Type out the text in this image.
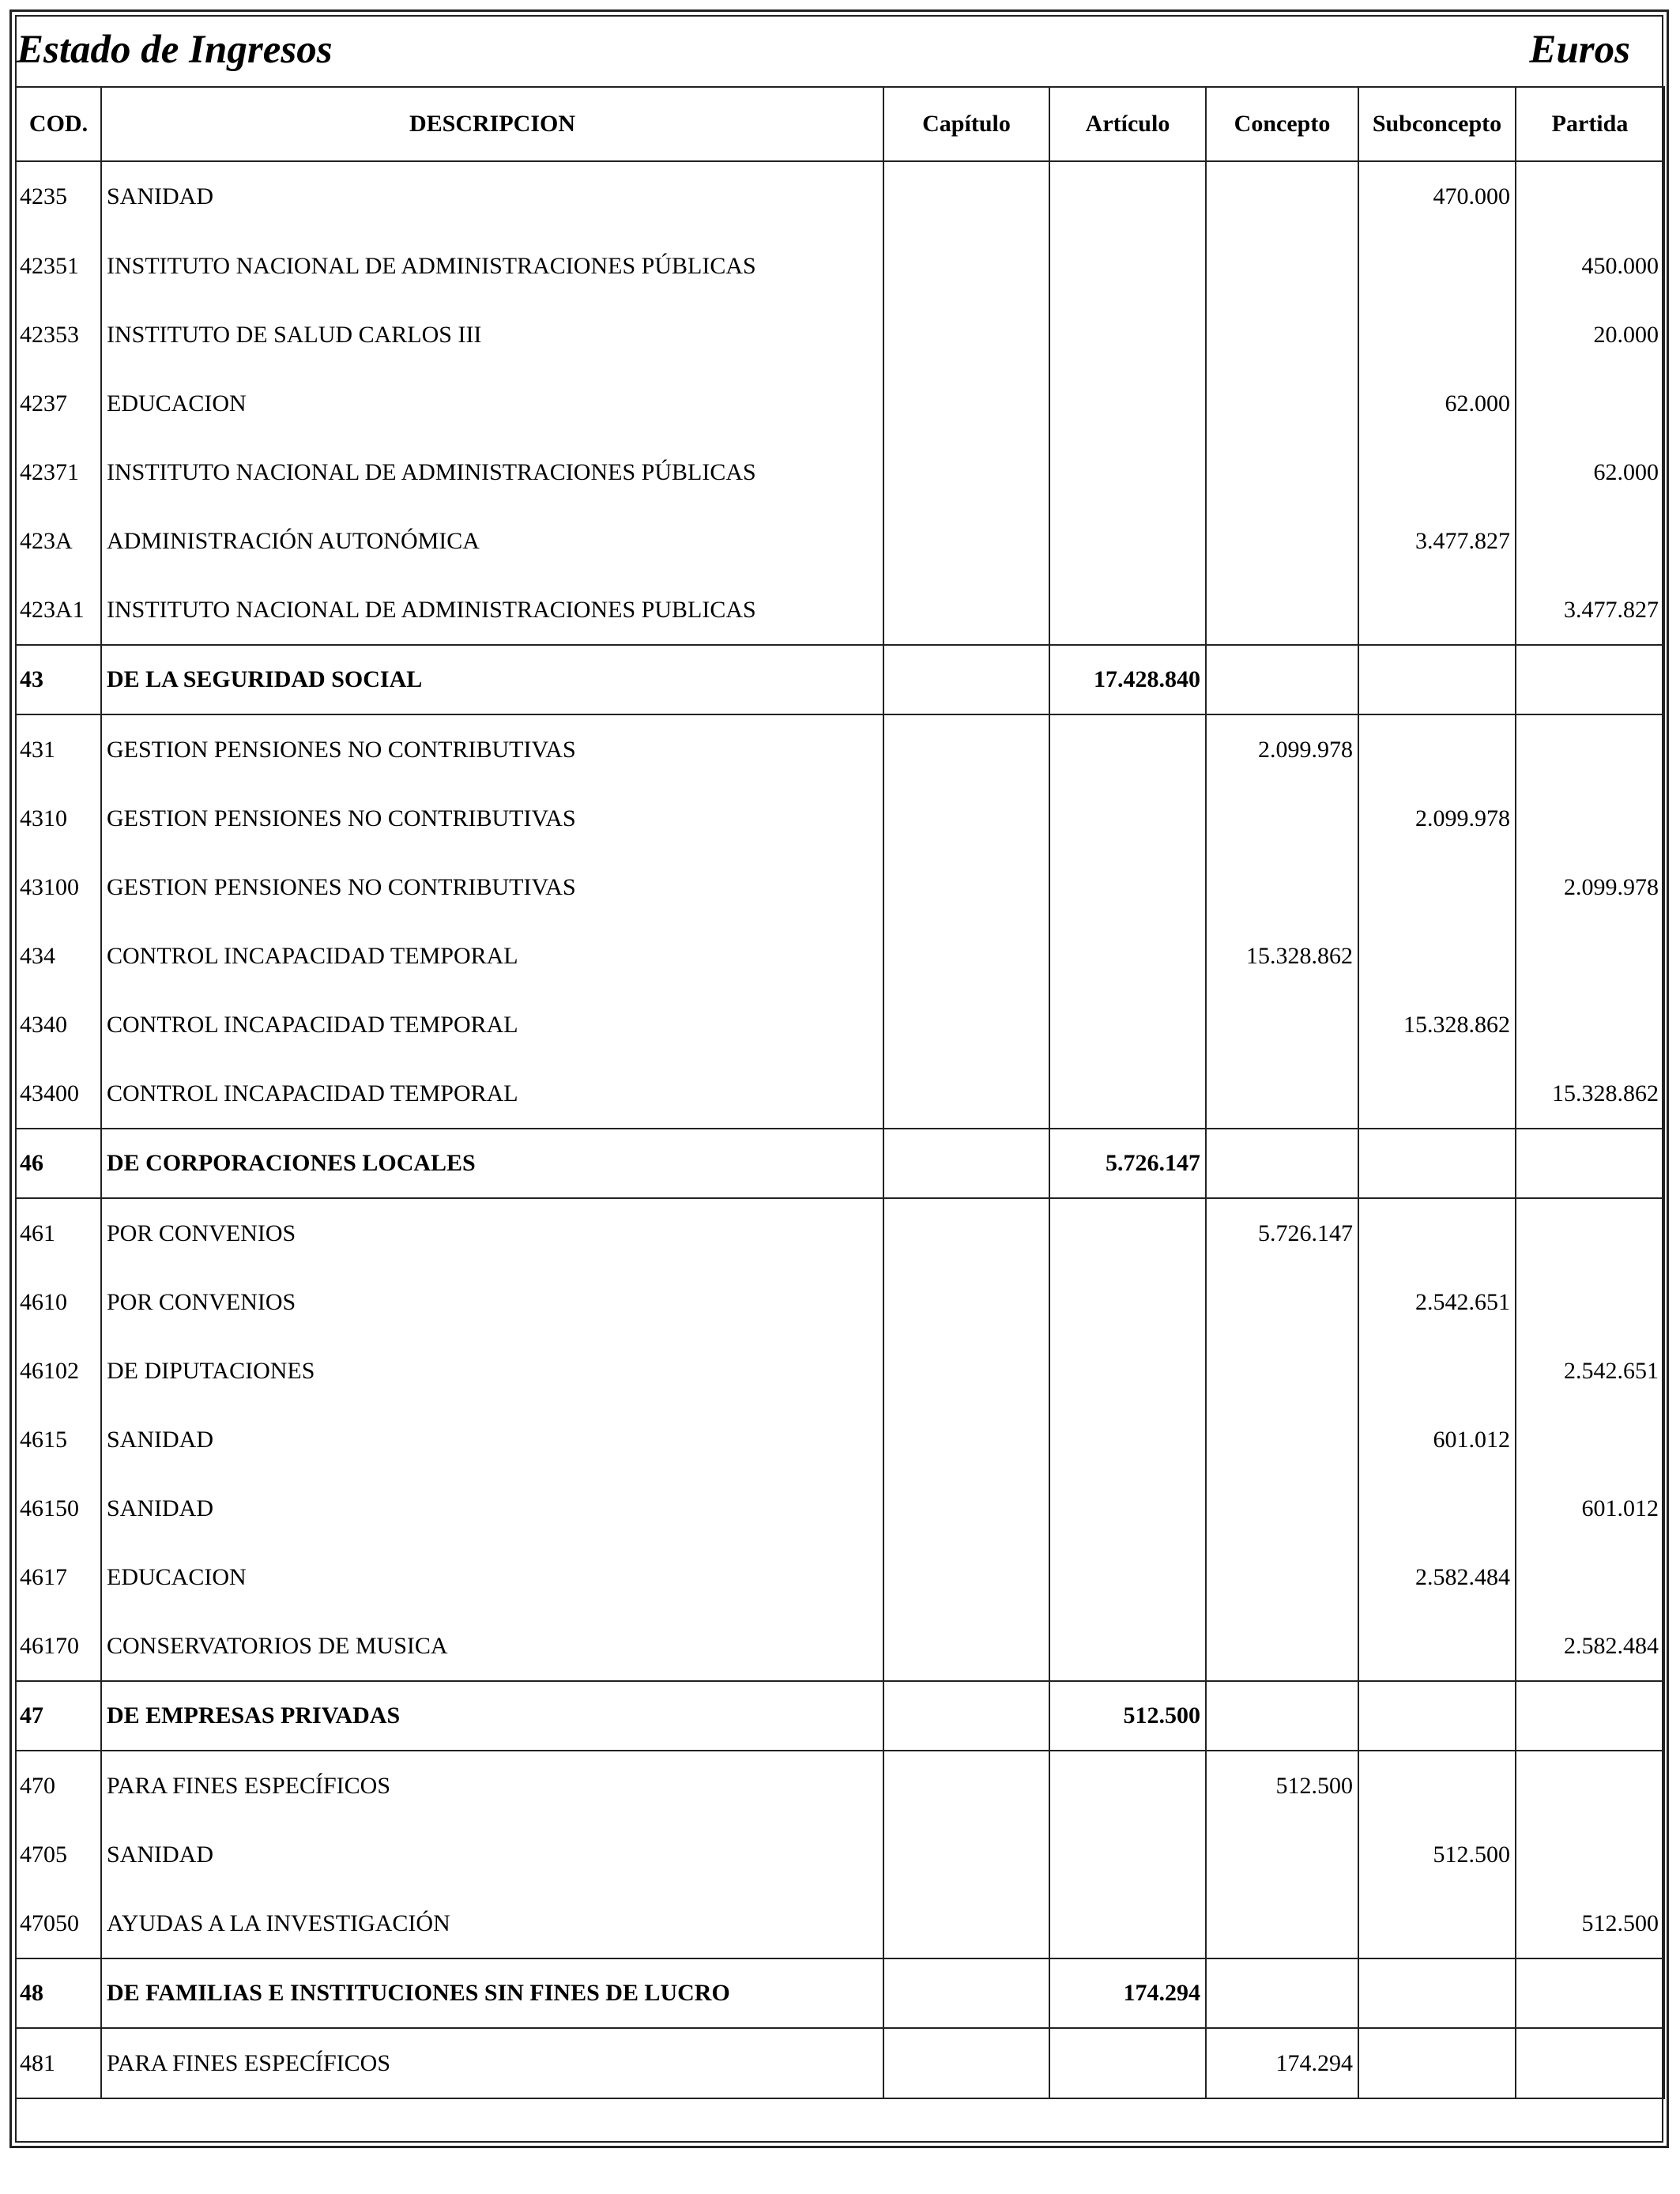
Estado de Ingresos	Euros
COD.	DESCRIPCION	Capítulo	Artículo	Concepto	Subconcepto	Partida
4235	SANIDAD				470.000	
42351	INSTITUTO NACIONAL DE ADMINISTRACIONES PÚBLICAS					450.000
42353	INSTITUTO DE SALUD CARLOS III					20.000
4237	EDUCACION				62.000	
42371	INSTITUTO NACIONAL DE ADMINISTRACIONES PÚBLICAS					62.000
423A	ADMINISTRACIÓN AUTONÓMICA				3.477.827	
423A1	INSTITUTO NACIONAL DE ADMINISTRACIONES PUBLICAS					3.477.827
43	DE LA SEGURIDAD SOCIAL		17.428.840			
431	GESTION PENSIONES NO CONTRIBUTIVAS			2.099.978		
4310	GESTION PENSIONES NO CONTRIBUTIVAS				2.099.978	
43100	GESTION PENSIONES NO CONTRIBUTIVAS					2.099.978
434	CONTROL INCAPACIDAD TEMPORAL			15.328.862		
4340	CONTROL INCAPACIDAD TEMPORAL				15.328.862	
43400	CONTROL INCAPACIDAD TEMPORAL					15.328.862
46	DE CORPORACIONES LOCALES		5.726.147			
461	POR CONVENIOS			5.726.147		
4610	POR CONVENIOS				2.542.651	
46102	DE DIPUTACIONES					2.542.651
4615	SANIDAD				601.012	
46150	SANIDAD					601.012
4617	EDUCACION				2.582.484	
46170	CONSERVATORIOS DE MUSICA					2.582.484
47	DE EMPRESAS PRIVADAS		512.500			
470	PARA FINES ESPECÍFICOS			512.500		
4705	SANIDAD				512.500	
47050	AYUDAS A LA INVESTIGACIÓN					512.500
48	DE FAMILIAS E INSTITUCIONES SIN FINES DE LUCRO		174.294			
481	PARA FINES ESPECÍFICOS			174.294		
